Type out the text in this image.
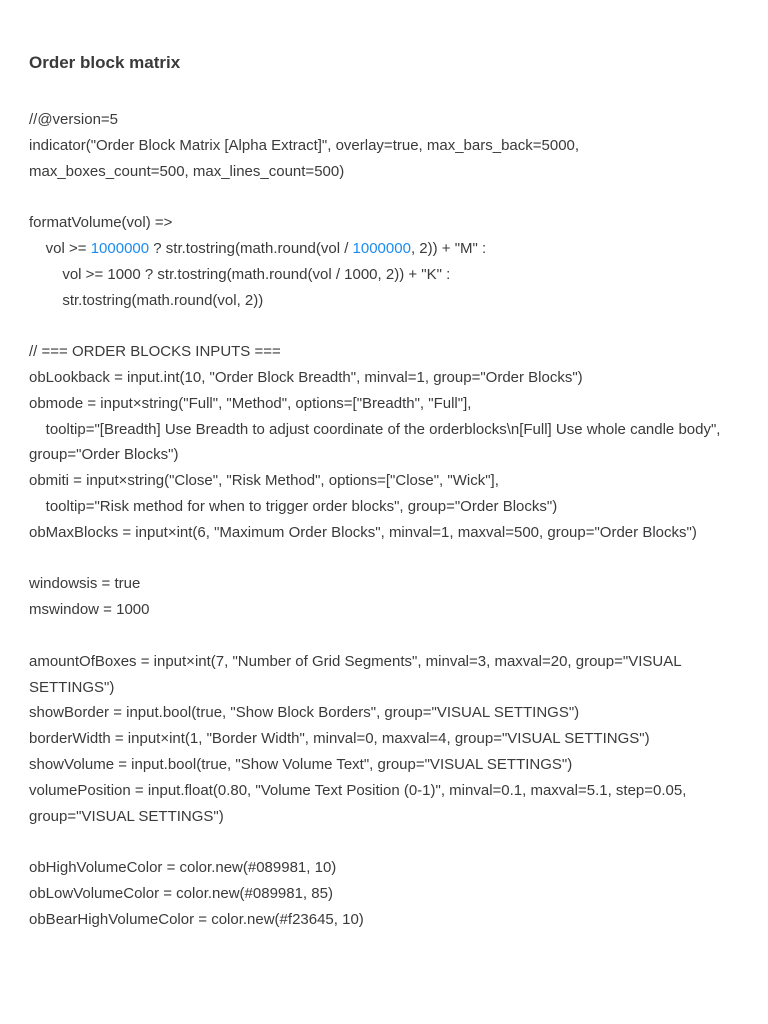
Order block matrix
//@version=5
indicator("Order Block Matrix [Alpha Extract]", overlay=true, max_bars_back=5000, max_boxes_count=500, max_lines_count=500)
formatVolume(vol) =>
vol >= 1000000 ? str.tostring(math.round(vol / 1000000, 2)) + "M" :
vol >= 1000 ? str.tostring(math.round(vol / 1000, 2)) + "K" :
str.tostring(math.round(vol, 2))
// === ORDER BLOCKS INPUTS ===
obLookback = input.int(10, "Order Block Breadth", minval=1, group="Order Blocks")
obmode = input×string("Full", "Method", options=["Breadth", "Full"],
tooltip="[Breadth] Use Breadth to adjust coordinate of the orderblocks\n[Full] Use whole candle body", group="Order Blocks")
obmiti = input×string("Close", "Risk Method", options=["Close", "Wick"],
tooltip="Risk method for when to trigger order blocks", group="Order Blocks")
obMaxBlocks = input×int(6, "Maximum Order Blocks", minval=1, maxval=500, group="Order Blocks")
windowsis = true
mswindow = 1000
amountOfBoxes = input×int(7, "Number of Grid Segments", minval=3, maxval=20, group="VISUAL SETTINGS")
showBorder = input.bool(true, "Show Block Borders", group="VISUAL SETTINGS")
borderWidth = input×int(1, "Border Width", minval=0, maxval=4, group="VISUAL SETTINGS")
showVolume = input.bool(true, "Show Volume Text", group="VISUAL SETTINGS")
volumePosition = input.float(0.80, "Volume Text Position (0-1)", minval=0.1, maxval=5.1, step=0.05, group="VISUAL SETTINGS")
obHighVolumeColor = color.new(#089981, 10)
obLowVolumeColor = color.new(#089981, 85)
obBearHighVolumeColor = color.new(#f23645, 10)
